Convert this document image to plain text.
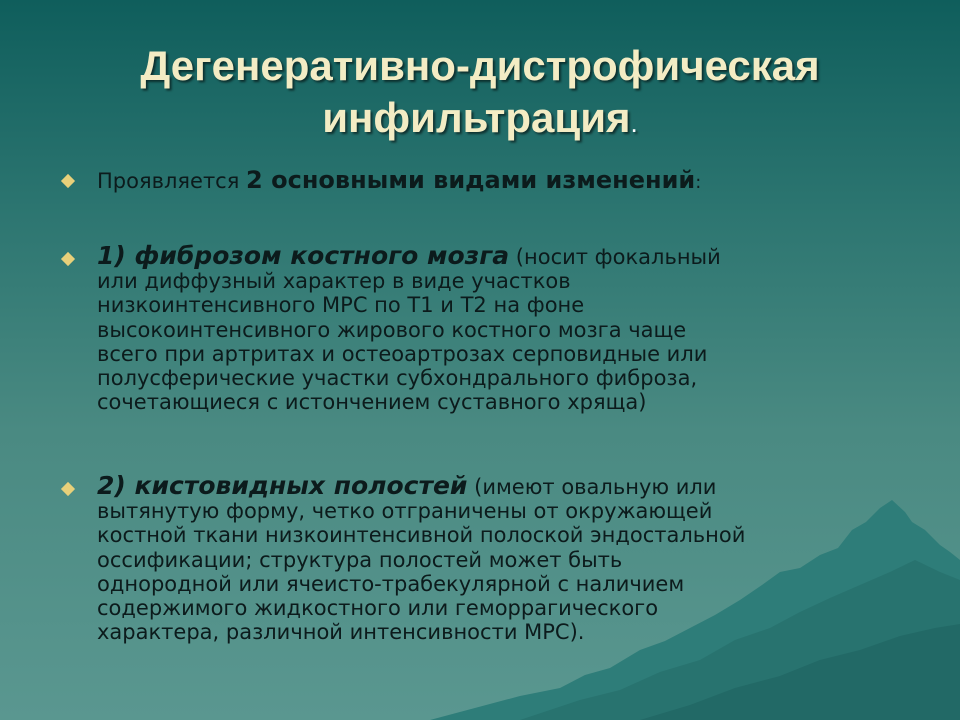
Дегенеративно-дистрофическая
инфильтрация.
Проявляется 2 основными видами изменений:
1) фиброзом костного мозга (носит фокальный
или диффузный характер в виде участков
низкоинтенсивного МРС по Т1 и Т2 на фоне
высокоинтенсивного жирового костного мозга чаще
всего при артритах и остеоартрозах серповидные или
полусферические участки субхондрального фиброза,
сочетающиеся с истончением суставного хряща)
2) кистовидных полостей (имеют овальную или
вытянутую форму, четко отграничены от окружающей
костной ткани низкоинтенсивной полоской эндостальной
оссификации; структура полостей может быть
однородной или ячеисто-трабекулярной с наличием
содержимого жидкостного или геморрагического
характера, различной интенсивности МРС).
